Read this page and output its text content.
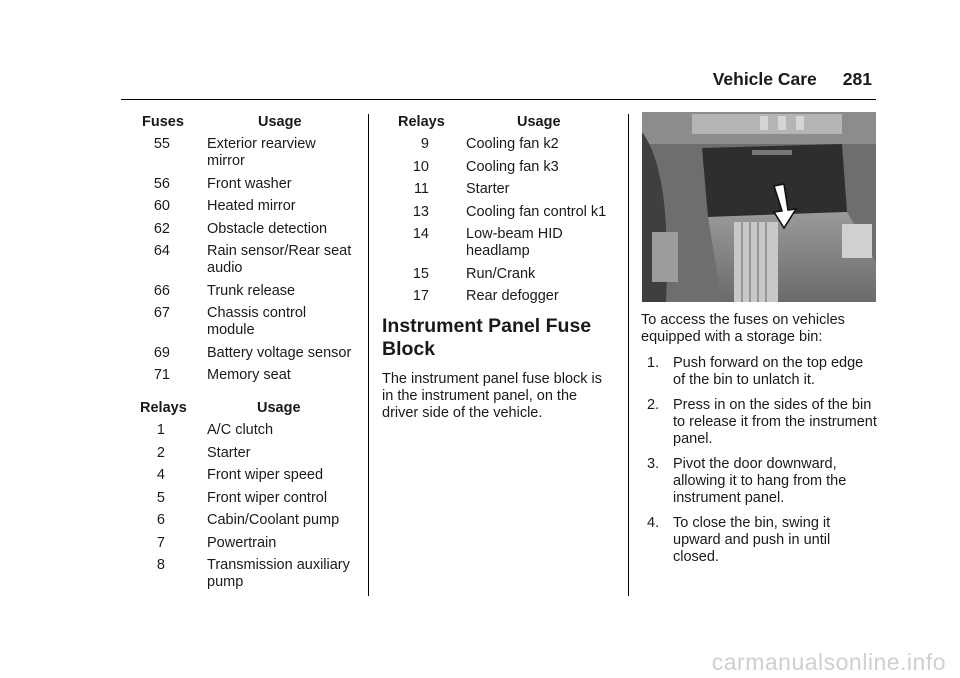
Vehicle Care 281
Fuses	Usage
55	Exterior rearview mirror
56	Front washer
60	Heated mirror
62	Obstacle detection
64	Rain sensor/Rear seat audio
66	Trunk release
67	Chassis control module
69	Battery voltage sensor
71	Memory seat
Relays	Usage
1	A/C clutch
2	Starter
4	Front wiper speed
5	Front wiper control
6	Cabin/Coolant pump
7	Powertrain
8	Transmission auxiliary pump
Relays	Usage
9	Cooling fan k2
10	Cooling fan k3
11	Starter
13	Cooling fan control k1
14	Low-beam HID headlamp
15	Run/Crank
17	Rear defogger
Instrument Panel Fuse Block
The instrument panel fuse block is in the instrument panel, on the driver side of the vehicle.
To access the fuses on vehicles equipped with a storage bin:
1. Push forward on the top edge of the bin to unlatch it.
2. Press in on the sides of the bin to release it from the instrument panel.
3. Pivot the door downward, allowing it to hang from the instrument panel.
4. To close the bin, swing it upward and push in until closed.
carmanualsonline.info
